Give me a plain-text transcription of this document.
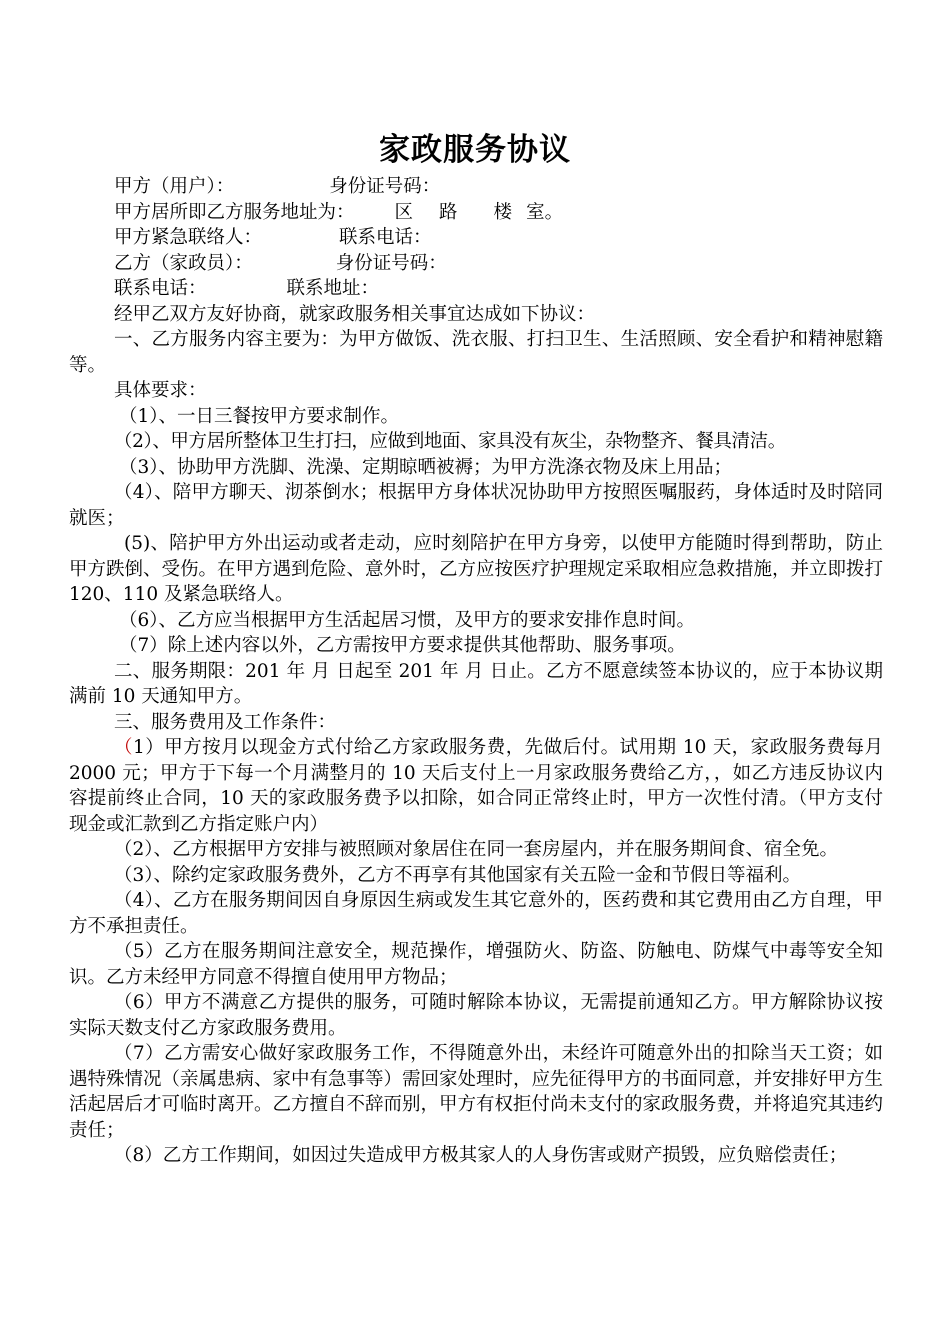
家政服务协议
甲方（用户）：	身份证号码：
甲方居所即乙方服务地址为： 区 路 楼 室。
甲方紧急联络人：	联系电话：
乙方（家政员）：	身份证号码：
联系电话：	联系地址：
经甲乙双方友好协商，就家政服务相关事宜达成如下协议：
一、乙方服务内容主要为：为甲方做饭、洗衣服、打扫卫生、生活照顾、安全看护和精神慰籍等。
具体要求：
（1）、一日三餐按甲方要求制作。
（2）、甲方居所整体卫生打扫，应做到地面、家具没有灰尘，杂物整齐、餐具清洁。
（3）、协助甲方洗脚、洗澡、定期晾晒被褥；为甲方洗涤衣物及床上用品；
（4）、陪甲方聊天、沏茶倒水；根据甲方身体状况协助甲方按照医嘱服药，身体适时及时陪同就医；
(5)、陪护甲方外出运动或者走动，应时刻陪护在甲方身旁，以使甲方能随时得到帮助，防止甲方跌倒、受伤。在甲方遇到危险、意外时，乙方应按医疗护理规定采取相应急救措施，并立即拨打 120、110 及紧急联络人。
（6）、乙方应当根据甲方生活起居习惯，及甲方的要求安排作息时间。
（7）除上述内容以外，乙方需按甲方要求提供其他帮助、服务事项。
二、服务期限：201 年 月 日起至 201 年 月 日止。乙方不愿意续签本协议的，应于本协议期满前 10 天通知甲方。
三、服务费用及工作条件：
（1）甲方按月以现金方式付给乙方家政服务费，先做后付。试用期 10 天，家政服务费每月 2000 元；甲方于下每一个月满整月的 10 天后支付上一月家政服务费给乙方，，如乙方违反协议内容提前终止合同，10 天的家政服务费予以扣除，如合同正常终止时，甲方一次性付清。（甲方支付现金或汇款到乙方指定账户内）
（2）、乙方根据甲方安排与被照顾对象居住在同一套房屋内，并在服务期间食、宿全免。
（3）、除约定家政服务费外，乙方不再享有其他国家有关五险一金和节假日等福利。
（4）、乙方在服务期间因自身原因生病或发生其它意外的，医药费和其它费用由乙方自理，甲方不承担责任。
（5）乙方在服务期间注意安全，规范操作，增强防火、防盗、防触电、防煤气中毒等安全知识。乙方未经甲方同意不得擅自使用甲方物品；
（6）甲方不满意乙方提供的服务，可随时解除本协议，无需提前通知乙方。甲方解除协议按实际天数支付乙方家政服务费用。
（7）乙方需安心做好家政服务工作，不得随意外出，未经许可随意外出的扣除当天工资；如遇特殊情况（亲属患病、家中有急事等）需回家处理时，应先征得甲方的书面同意，并安排好甲方生活起居后才可临时离开。乙方擅自不辞而别，甲方有权拒付尚未支付的家政服务费，并将追究其违约责任；
（8）乙方工作期间，如因过失造成甲方极其家人的人身伤害或财产损毁，应负赔偿责任；
